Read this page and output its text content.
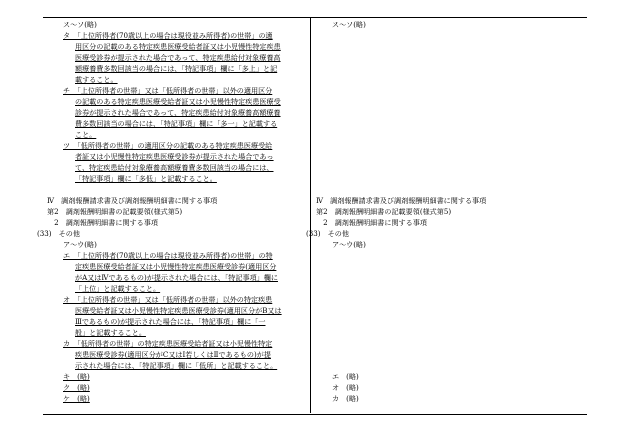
ス～ソ(略)
タ　「上位所得者(70歳以上の場合は現役並み所得者)の世帯」の適
用区分の記載のある特定疾患医療受給者証又は小児慢性特定疾患
医療受診券が提示された場合であって、特定疾患給付対象療養高
額療養費多数回該当の場合には、「特記事項」欄に「多上」と記
載すること。
チ　「上位所得者の世帯」又は「低所得者の世帯」以外の適用区分
の記載のある特定疾患医療受給者証又は小児慢性特定疾患医療受
診券が提示された場合であって、特定疾患給付対象療養高額療養
費多数回該当の場合には、「特記事項」欄に「多一」と記載する
こと。
ツ　「低所得者の世帯」の適用区分の記載のある特定疾患医療受給
者証又は小児慢性特定疾患医療受診券が提示された場合であっ
て、特定疾患給付対象療養高額療養費多数回該当の場合には、
「特記事項」欄に「多低」と記載すること。
Ⅳ　調剤報酬請求書及び調剤報酬明細書に関する事項
第2　調剤報酬明細書の記載要領(様式第5)
　2　調剤報酬明細書に関する事項
(33)　その他
ア～ウ(略)
エ　「上位所得者(70歳以上の場合は現役並み所得者)の世帯」の特
定疾患医療受給者証又は小児慢性特定疾患医療受診券(適用区分
がA又はⅣであるもの)が提示された場合には、「特記事項」欄に
「上位」と記載すること。
オ　「上位所得者の世帯」又は「低所得者の世帯」以外の特定疾患
医療受給者証又は小児慢性特定疾患医療受診券(適用区分がB又は
Ⅲであるもの)が提示された場合には、「特記事項」欄に「一
般」と記載すること。
カ　「低所得者の世帯」の特定疾患医療受給者証又は小児慢性特定
疾患医療受診券(適用区分がC又はⅠ若しくはⅡであるもの)が提
示された場合には、「特記事項」欄に「低所」と記載すること。
キ　(略)
ク　(略)
ケ　(略)
ス～ソ(略)
Ⅳ　調剤報酬請求書及び調剤報酬明細書に関する事項
第2　調剤報酬明細書の記載要領(様式第5)
　2　調剤報酬明細書に関する事項
(33)　その他
ア～ウ(略)
エ　(略)
オ　(略)
カ　(略)
